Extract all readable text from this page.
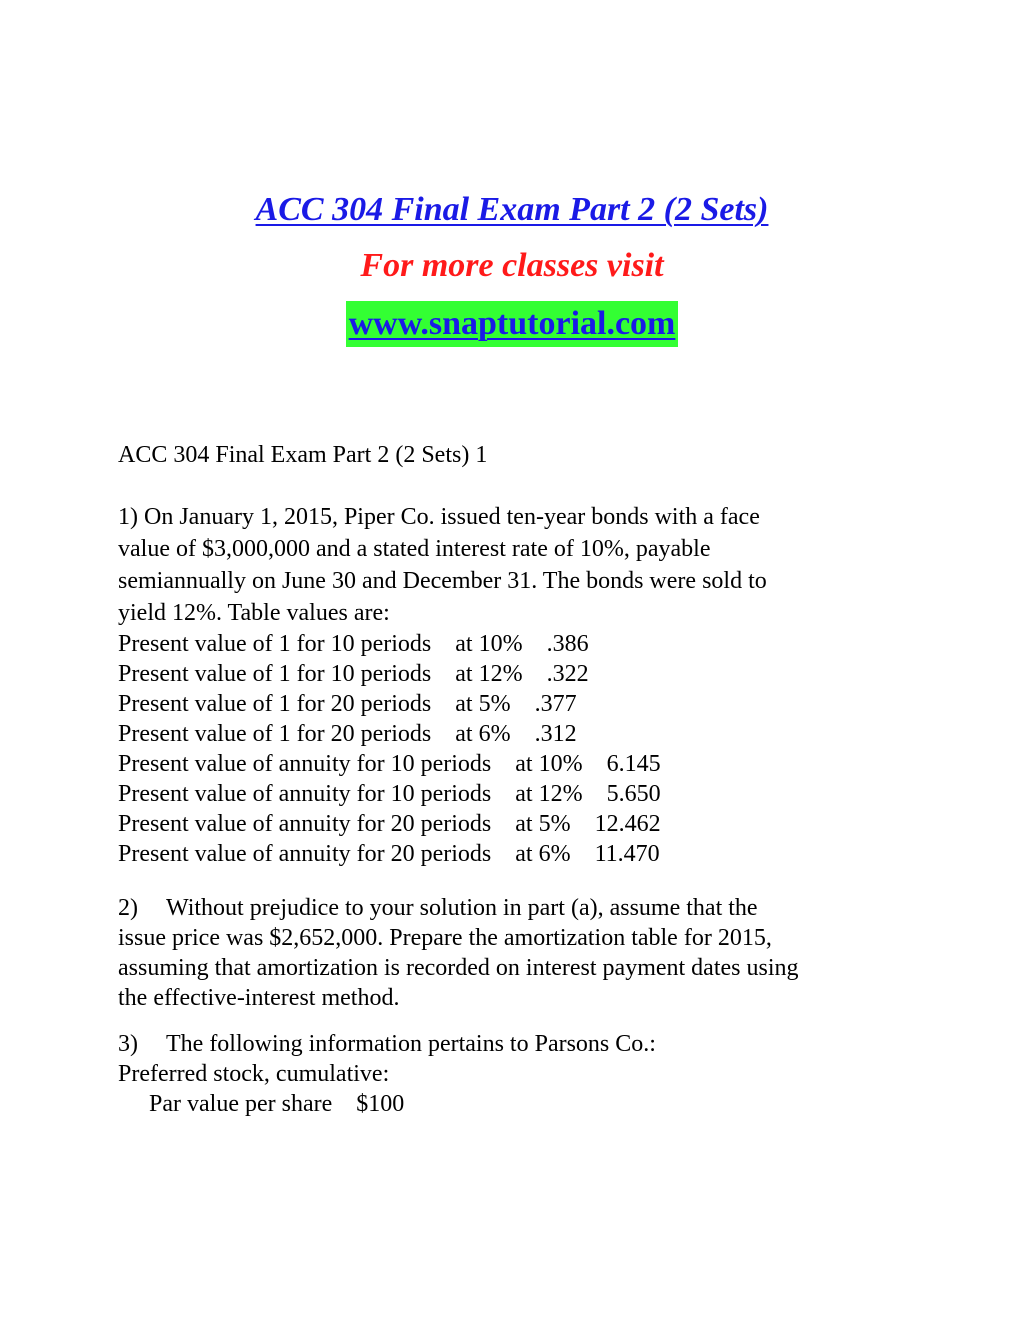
ACC 304 Final Exam Part 2 (2 Sets)
For more classes visit
www.snaptutorial.com

ACC 304 Final Exam Part 2 (2 Sets) 1

1) On January 1, 2015, Piper Co. issued ten-year bonds with a face

value of $3,000,000 and a stated interest rate of 10%, payable

semiannually on June 30 and December 31. The bonds were sold to

yield 12%. Table values are:

Present value of 1 for 10 periods at 10% .386
Present value of 1 for 10 periods at 12% .322
Present value of 1 for 20 periods at 5% .377
Present value of 1 for 20 periods at 6% .312
Present value of annuity for 10 periods at 10% 6.145
Present value of annuity for 10 periods at 12% 5.650
Present value of annuity for 20 periods at 5% 12.462
Present value of annuity for 20 periods at 6% 11.470

2) Without prejudice to your solution in part (a), assume that the

issue price was $2,652,000. Prepare the amortization table for 2015,

assuming that amortization is recorded on interest payment dates using

the effective-interest method.

3) The following information pertains to Parsons Co.:

Preferred stock, cumulative:

Par value per share $100
